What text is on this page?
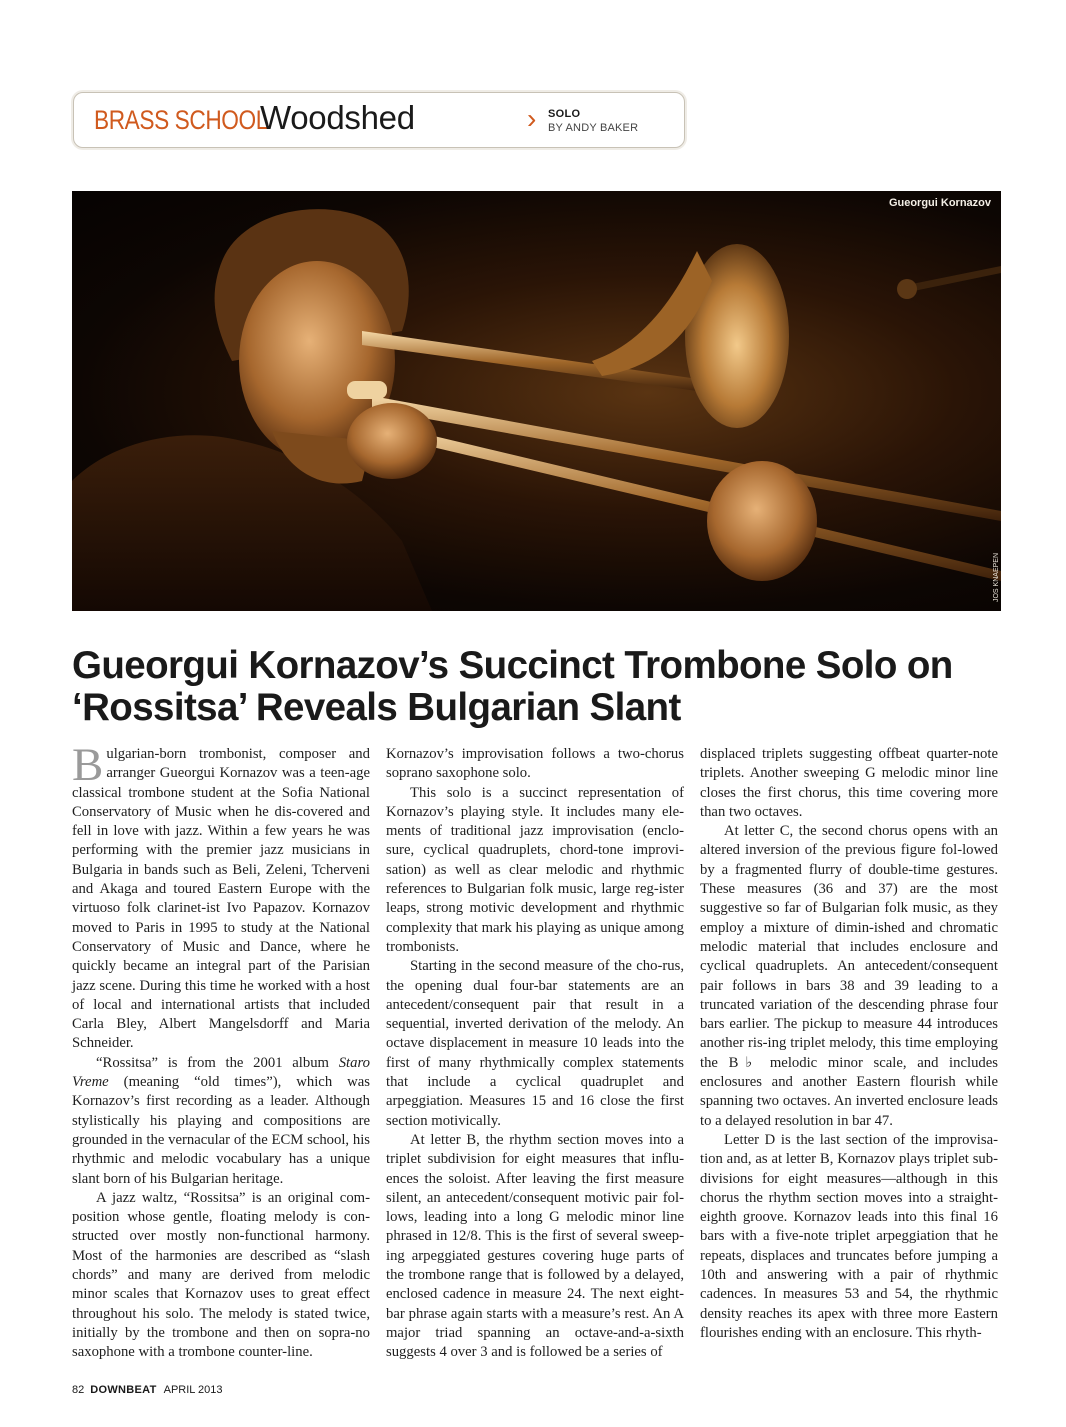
BRASS SCHOOL
Woodshed	› SOLO
BY ANDY BAKER
Gueorgui Kornazov
JOS KNAEPEN
Gueorgui Kornazov’s Succinct Trombone Solo on ‘Rossitsa’ Reveals Bulgarian Slant

Bulgarian-born trombonist, composer and arranger Gueorgui Kornazov was a teen-age classical trombone student at the Sofia National Conservatory of Music when he dis-covered and fell in love with jazz. Within a few years he was performing with the premier jazz musicians in Bulgaria in bands such as Beli, Zeleni, Tcherveni and Akaga and toured Eastern Europe with the virtuoso folk clarinet-ist Ivo Papazov. Kornazov moved to Paris in 1995 to study at the National Conservatory of Music and Dance, where he quickly became an integral part of the Parisian jazz scene. During this time he worked with a host of local and international artists that included Carla Bley, Albert Mangelsdorff and Maria Schneider.

“Rossitsa” is from the 2001 album Staro Vreme (meaning “old times”), which was Kornazov’s first recording as a leader. Although stylistically his playing and compositions are grounded in the vernacular of the ECM school, his rhythmic and melodic vocabulary has a unique slant born of his Bulgarian heritage.

A jazz waltz, “Rossitsa” is an original com-position whose gentle, floating melody is con-structed over mostly non-functional harmony. Most of the harmonies are described as “slash chords” and many are derived from melodic minor scales that Kornazov uses to great effect throughout his solo. The melody is stated twice, initially by the trombone and then on sopra-no saxophone with a trombone counter-line.

Kornazov’s improvisation follows a two-chorus soprano saxophone solo.

This solo is a succinct representation of Kornazov’s playing style. It includes many ele-ments of traditional jazz improvisation (enclo-sure, cyclical quadruplets, chord-tone improvi-sation) as well as clear melodic and rhythmic references to Bulgarian folk music, large reg-ister leaps, strong motivic development and rhythmic complexity that mark his playing as unique among trombonists.

Starting in the second measure of the cho-rus, the opening dual four-bar statements are an antecedent/consequent pair that result in a sequential, inverted derivation of the melody. An octave displacement in measure 10 leads into the first of many rhythmically complex statements that include a cyclical quadruplet and arpeggiation. Measures 15 and 16 close the first section motivically.

At letter B, the rhythm section moves into a triplet subdivision for eight measures that influ-ences the soloist. After leaving the first measure silent, an antecedent/consequent motivic pair fol-lows, leading into a long G melodic minor line phrased in 12/8. This is the first of several sweep-ing arpeggiated gestures covering huge parts of the trombone range that is followed by a delayed, enclosed cadence in measure 24. The next eight-bar phrase again starts with a measure’s rest. An A major triad spanning an octave-and-a-sixth suggests 4 over 3 and is followed be a series of

displaced triplets suggesting offbeat quarter-note triplets. Another sweeping G melodic minor line closes the first chorus, this time covering more than two octaves.

At letter C, the second chorus opens with an altered inversion of the previous figure fol-lowed by a fragmented flurry of double-time gestures. These measures (36 and 37) are the most suggestive so far of Bulgarian folk music, as they employ a mixture of dimin-ished and chromatic melodic material that includes enclosure and cyclical quadruplets. An antecedent/consequent pair follows in bars 38 and 39 leading to a truncated variation of the descending phrase four bars earlier. The pickup to measure 44 introduces another ris-ing triplet melody, this time employing the B♭ melodic minor scale, and includes enclosures and another Eastern flourish while spanning two octaves. An inverted enclosure leads to a delayed resolution in bar 47.

Letter D is the last section of the improvisa-tion and, as at letter B, Kornazov plays triplet sub-divisions for eight measures—although in this chorus the rhythm section moves into a straight-eighth groove. Kornazov leads into this final 16 bars with a five-note triplet arpeggiation that he repeats, displaces and truncates before jumping a 10th and answering with a pair of rhythmic cadences. In measures 53 and 54, the rhythmic density reaches its apex with three more Eastern flourishes ending with an enclosure. This rhyth-

82 DOWNBEAT APRIL 2013
